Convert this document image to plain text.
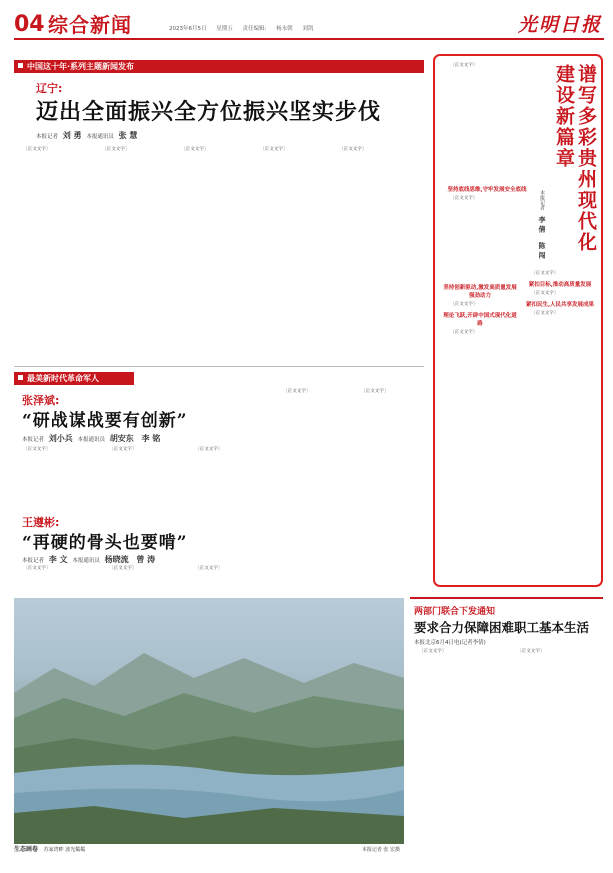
04 综合新闻	2023年6月5日 星期五 责任编辑: 杨永朝 刘凯	光明日报
中国这十年·系列主题新闻发布
辽宁:
迈出全面振兴全方位振兴坚实步伐
本报记者 刘 勇 本报通讯员 张 慧

〔正文文字〕	〔正文文字〕	〔正文文字〕	〔正文文字〕	〔正文文字〕

最美新时代革命军人
张泽斌:
“研战谋战要有创新”
本报记者 刘小兵 本报通讯员 胡安东 李 铭

〔正文文字〕	〔正文文字〕	〔正文文字〕

王遵彬:
“再硬的骨头也要啃”
本报记者 李 文 本报通讯员 杨晓流 曾 涛

〔正文文字〕	〔正文文字〕	〔正文文字〕

〔正文文字〕	〔正文文字〕

谱写多彩贵州现代化建设新篇章
本报记者 李 倩 陈 闯

〔正文文字〕

坚持底线思维,守牢发展安全底线

〔正文文字〕

坚持创新驱动,激发高质量发展强劲动力

〔正文文字〕

理论飞跃,开辟中国式现代化道路

〔正文文字〕

〔正文文字〕

紧扣目标,推动高质量发展

〔正文文字〕

紧扣民生,人民共享发展成果

〔正文文字〕

生态画卷 苏家湾畔 波光粼粼	本报记者 张 宏摄
两部门联合下发通知
要求合力保障困难职工基本生活
本报北京6月4日电(记者李倩)

〔正文文字〕	〔正文文字〕
